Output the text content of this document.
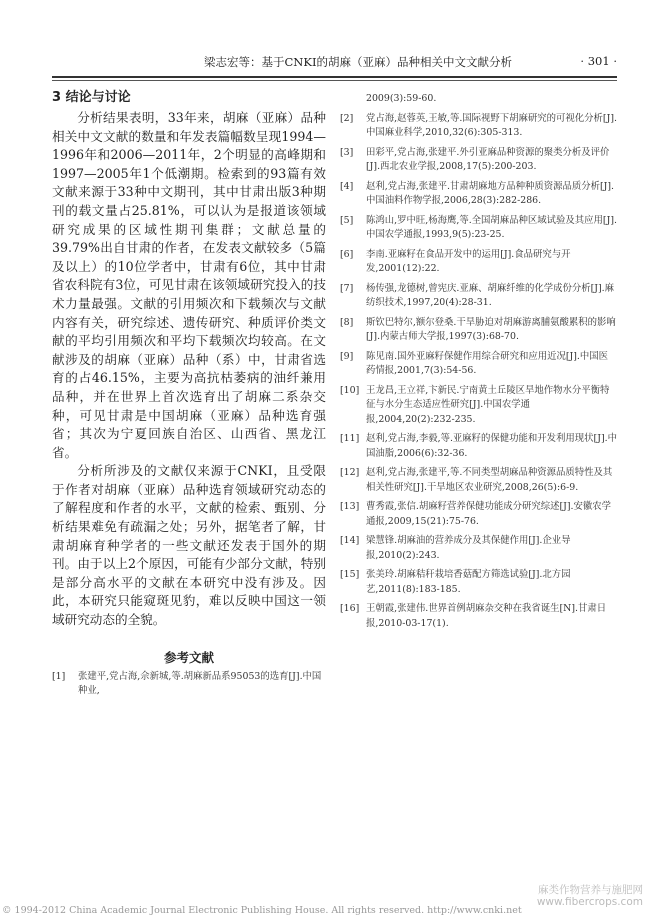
梁志宏等：基于CNKI的胡麻（亚麻）品种相关中文文献分析	· 301 ·
3 结论与讨论

分析结果表明，33年来，胡麻（亚麻）品种相关中文文献的数量和年发表篇幅数呈现1994—1996年和2006—2011年，2个明显的高峰期和1997—2005年1个低潮期。检索到的93篇有效文献来源于33种中文期刊，其中甘肃出版3种期刊的载文量占25.81%，可以认为是报道该领域研究成果的区域性期刊集群；文献总量的39.79%出自甘肃的作者，在发表文献较多（5篇及以上）的10位学者中，甘肃有6位，其中甘肃省农科院有3位，可见甘肃在该领域研究投入的技术力量最强。文献的引用频次和下载频次与文献内容有关，研究综述、遗传研究、种质评价类文献的平均引用频次和平均下载频次均较高。在文献涉及的胡麻（亚麻）品种（系）中，甘肃省选育的占46.15%，主要为高抗枯萎病的油纤兼用品种，并在世界上首次选育出了胡麻二系杂交种，可见甘肃是中国胡麻（亚麻）品种选育强省；其次为宁夏回族自治区、山西省、黑龙江省。

分析所涉及的文献仅来源于CNKI，且受限于作者对胡麻（亚麻）品种选育领域研究动态的了解程度和作者的水平，文献的检索、甄别、分析结果难免有疏漏之处；另外，据笔者了解，甘肃胡麻育种学者的一些文献还发表于国外的期刊。由于以上2个原因，可能有少部分文献，特别是部分高水平的文献在本研究中没有涉及。因此，本研究只能窥斑见豹，难以反映中国这一领域研究动态的全貌。

参考文献
[1]	张建平,党占海,佘新城,等.胡麻新品系95053的选育[J].中国种业,
2009(3):59-60.
[2]	党占海,赵蓉英,王敏,等.国际视野下胡麻研究的可视化分析[J].中国麻业科学,2010,32(6):305-313.
[3]	田彩平,党占海,张建平.外引亚麻品种资源的聚类分析及评价[J].西北农业学报,2008,17(5):200-203.
[4]	赵利,党占海,张建平.甘肃胡麻地方品种种质资源品质分析[J].中国油料作物学报,2006,28(3):282-286.
[5]	陈鸿山,罗中旺,杨海鹰,等.全国胡麻品种区域试验及其应用[J].中国农学通报,1993,9(5):23-25.
[6]	李南.亚麻籽在食品开发中的运用[J].食品研究与开发,2001(12):22.
[7]	杨传强,龙德树,曾宪庆.亚麻、胡麻纤维的化学成份分析[J].麻纺织技术,1997,20(4):28-31.
[8]	斯钦巴特尔,额尔登桑.干旱胁迫对胡麻游离脯氨酸累积的影响[J].内蒙古师大学报,1997(3):68-70.
[9]	陈见南.国外亚麻籽保健作用综合研究和应用近况[J].中国医药情报,2001,7(3):54-56.
[10] 王龙昌,王立祥,卞新民.宁南黄土丘陵区旱地作物水分平衡特征与水分生态适应性研究[J].中国农学通报,2004,20(2):232-235.
[11] 赵利,党占海,李毅,等.亚麻籽的保健功能和开发利用现状[J].中国油脂,2006(6):32-36.
[12] 赵利,党占海,张建平,等.不同类型胡麻品种资源品质特性及其相关性研究[J].干旱地区农业研究,2008,26(5):6-9.
[13] 曹秀霞,张信.胡麻籽营养保健功能成分研究综述[J].安徽农学通报,2009,15(21):75-76.
[14] 梁慧锋.胡麻油的营养成分及其保健作用[J].企业导报,2010(2):243.
[15] 张美玲.胡麻秸秆栽培香菇配方筛选试验[J].北方园艺,2011(8):183-185.
[16] 王朝霞,张建伟.世界首例胡麻杂交种在我省诞生[N].甘肃日报,2010-03-17(1).
© 1994-2012 China Academic Journal Electronic Publishing House. All rights reserved. http://www.cnki.net
麻类作物营养与施肥网
www.fibercrops.com
